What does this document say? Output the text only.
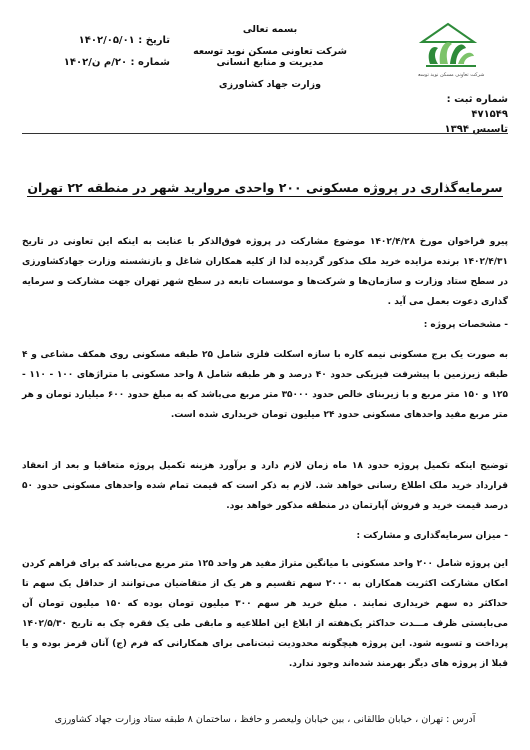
شرکت تعاونی مسکن نوید توسعه
شماره ثبت : ۴۷۱۵۴۹
تاسیس ۱۳۹۴
بسمه تعالی
شرکت تعاونی مسکن نوید توسعه مدیریت و منابع انسانی
وزارت جهاد کشاورزی
تاریخ : ۱۴۰۲/۰۵/۰۱
شماره : ۲۰/م ن/۱۴۰۲
سرمایه‌گذاری در پروژه مسکونی ۲۰۰ واحدی مروارید شهر در منطقه ۲۲ تهران
پیرو فراخوان مورخ ۱۴۰۲/۴/۲۸ موضوع مشارکت در پروژه فوق‌الذکر با عنایت به اینکه این تعاونی در تاریخ ۱۴۰۲/۴/۳۱ برنده مزایده خرید ملک مذکور گردیده لذا از کلیه همکاران شاغل و بازنشسته وزارت جهادکشاورزی در سطح ستاد وزارت و سازمان‌ها و شرکت‌ها و موسسات تابعه در سطح شهر تهران جهت مشارکت و سرمایه گذاری دعوت بعمل می آید .
- مشخصات پروژه :
به صورت یک برج مسکونی نیمه کاره با سازه اسکلت فلزی شامل ۲۵ طبقه مسکونی روی همکف مشاعی و ۴ طبقه زیرزمین با پیشرفت فیزیکی حدود ۴۰ درصد و هر طبقه شامل ۸ واحد مسکونی با متراژهای ۱۰۰ - ۱۱۰ - ۱۲۵ و ۱۵۰ متر مربع و با زیربنای خالص حدود ۳۵۰۰۰ متر مربع می‌باشد که به مبلغ حدود ۶۰۰ میلیارد تومان و هر متر مربع مفید واحدهای مسکونی حدود ۲۴ میلیون تومان خریداری شده است.
توضیح اینکه تکمیل پروژه حدود ۱۸ ماه زمان لازم دارد و برآورد هزینه تکمیل پروژه متعاقبا و بعد از انعقاد قرارداد خرید ملک اطلاع رسانی خواهد شد. لازم به ذکر است که قیمت تمام شده واحدهای مسکونی حدود ۵۰ درصد قیمت خرید و فروش آپارتمان در منطقه مذکور خواهد بود.
- میزان سرمایه‌گذاری و مشارکت :
این پروژه شامل ۲۰۰ واحد مسکونی با میانگین متراژ مفید هر واحد ۱۲۵ متر مربع می‌باشد که برای فراهم کردن امکان مشارکت اکثریت همکاران به ۲۰۰۰ سهم تقسیم و هر یک از متقاضیان می‌توانند از حداقل یک سهم تا حداکثر ده سهم خریداری نمایند . مبلغ خرید هر سهم ۳۰۰ میلیون تومان بوده که ۱۵۰ میلیون تومان آن می‌بایستی ظرف مـــدت حداکثر یک‌هفته از ابلاغ این اطلاعیه و مابقی طی یک فقره چک به تاریخ ۱۴۰۲/۵/۳۰ پرداخت و تسویه شود. این پروژه هیچگونه محدودیت ثبت‌نامی برای همکارانی که فرم (ج) آنان قرمز بوده و یا قبلا از پروژه های دیگر بهرمند شده‌اند وجود ندارد.
آدرس : تهران ، خیابان طالقانی ، بین خیابان ولیعصر و حافظ ، ساختمان ۸ طبقه ستاد وزارت جهاد کشاورزی
